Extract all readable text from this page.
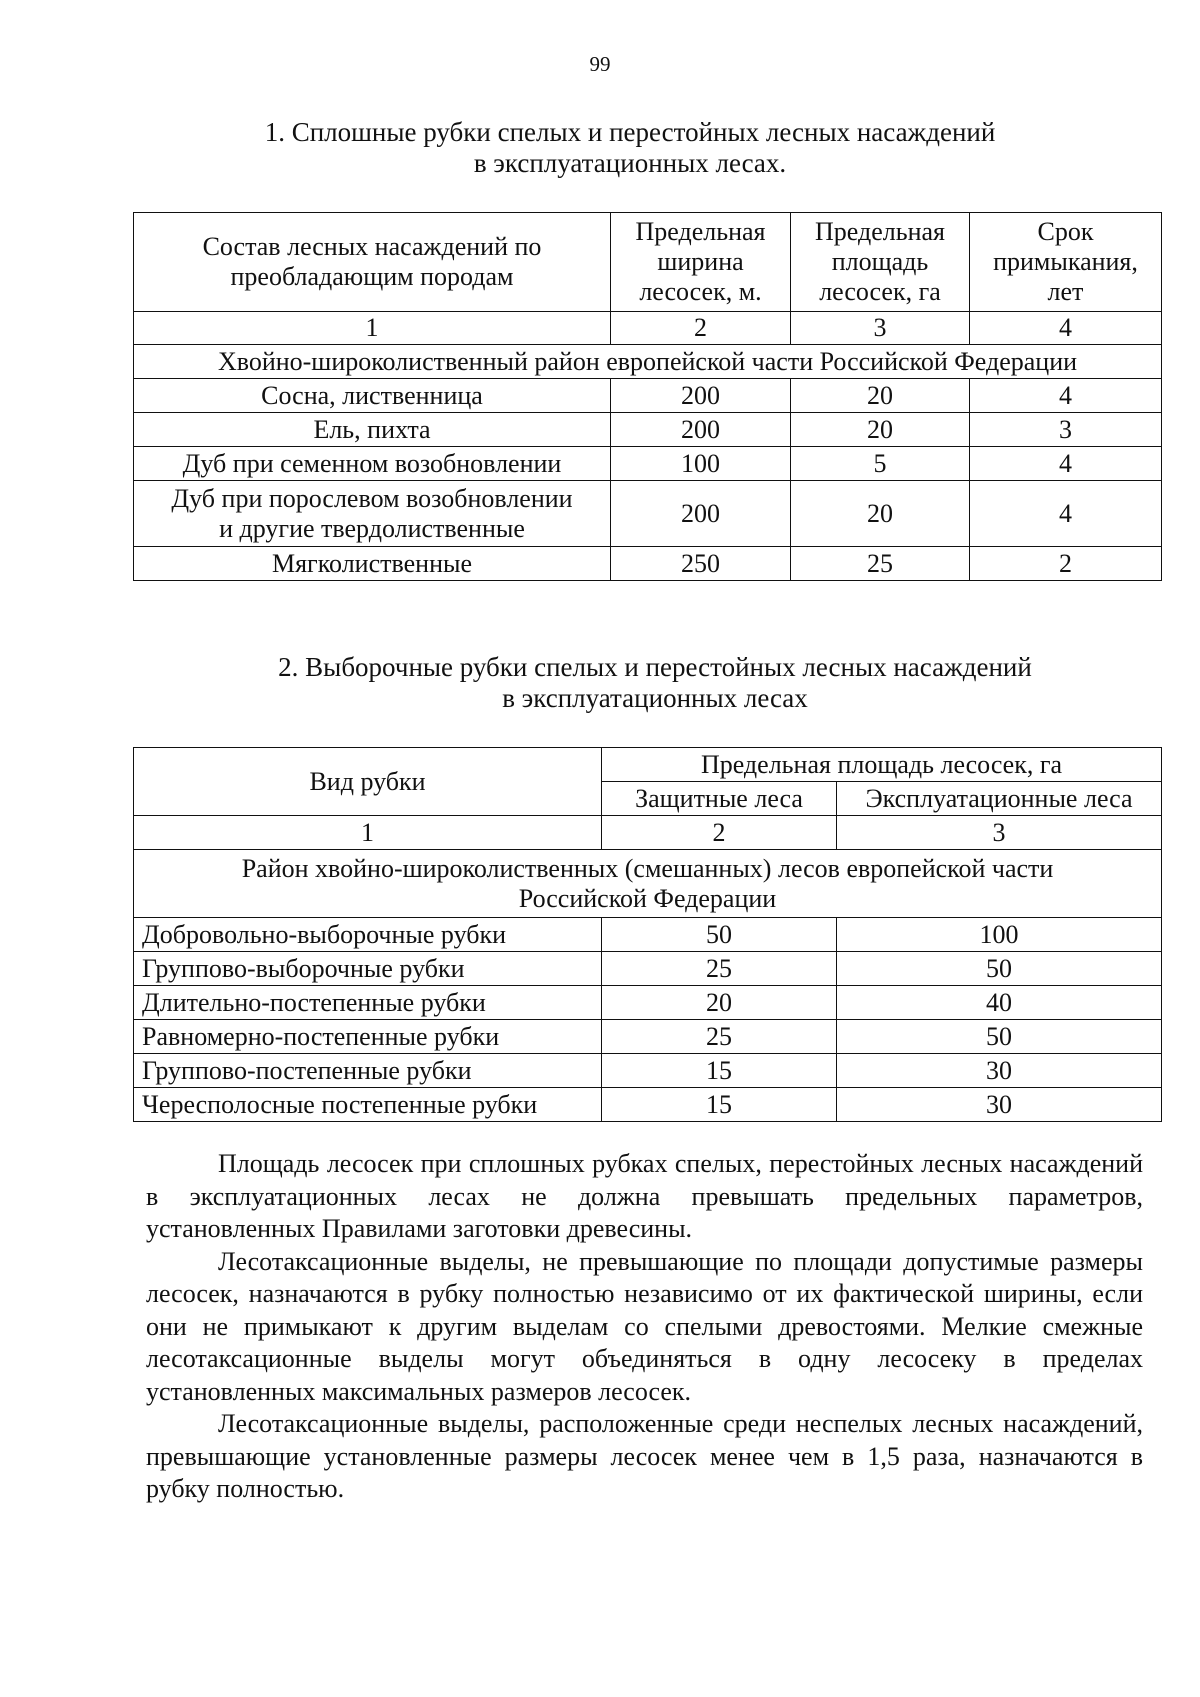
99
1. Сплошные рубки спелых и перестойных лесных насаждений
в эксплуатационных лесах.
Состав лесных насаждений по преобладающим породам	Предельная ширина лесосек, м.	Предельная площадь лесосек, га	Срок примыкания, лет
1	2	3	4
Хвойно-широколиственный район европейской части Российской Федерации			
Сосна, лиственница	200	20	4
Ель, пихта	200	20	3
Дуб при семенном возобновлении	100	5	4

Дуб при порослевом возобновлении
и другие твердолиственные	200	20	4
Мягколиственные	250	25	2
2. Выборочные рубки спелых и перестойных лесных насаждений
в эксплуатационных лесах
Вид рубки	Предельная площадь лесосек, га	
	Защитные леса	Эксплуатационные леса
1	2	3

Район хвойно-широколиственных (смешанных) лесов европейской части
Российской Федерации		

Добровольно-выборочные рубки	50	100
Группово-выборочные рубки	25	50
Длительно-постепенные рубки	20	40
Равномерно-постепенные рубки	25	50
Группово-постепенные рубки	15	30
Чересполосные постепенные рубки	15	30

Площадь лесосек при сплошных рубках спелых, перестойных лесных насаждений в эксплуатационных лесах не должна превышать предельных параметров, установленных Правилами заготовки древесины.

Лесотаксационные выделы, не превышающие по площади допустимые размеры лесосек, назначаются в рубку полностью независимо от их фактической ширины, если они не примыкают к другим выделам со спелыми древостоями. Мелкие смежные лесотаксационные выделы могут объединяться в одну лесосеку в пределах установленных максимальных размеров лесосек.

Лесотаксационные выделы, расположенные среди неспелых лесных насаждений, превышающие установленные размеры лесосек менее чем в 1,5 раза, назначаются в рубку полностью.
